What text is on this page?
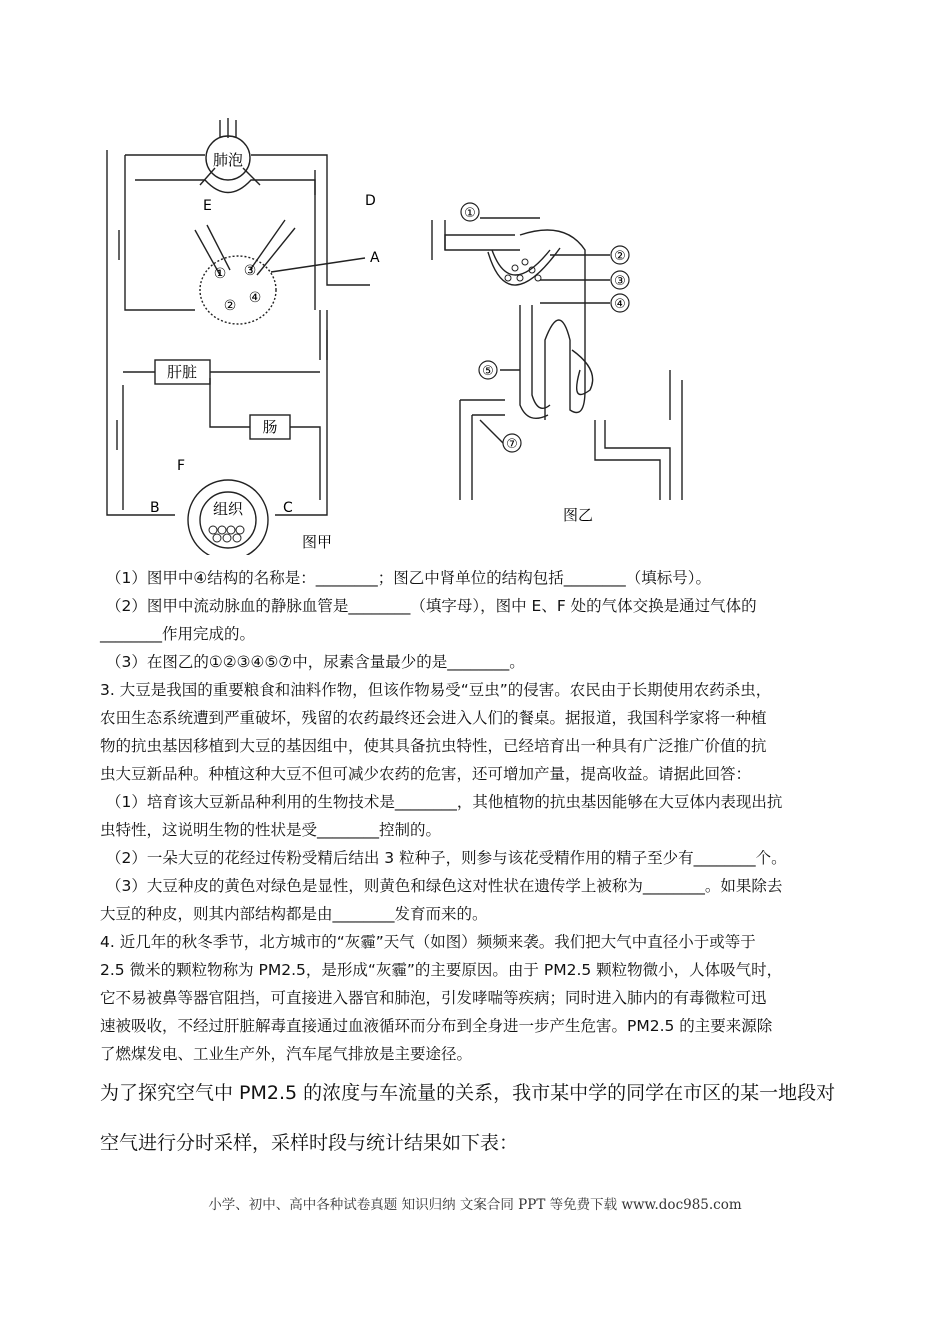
肺泡
肝脏
肠
组织
A
B	C
D
E
F
①
②
③
④
图甲
①
②
③
④
⑤
⑦
图乙
（1）图甲中④结构的名称是：________；图乙中肾单位的结构包括________（填标号）。
（2）图甲中流动脉血的静脉血管是________（填字母），图中 E、F 处的气体交换是通过气体的
________作用完成的。
（3）在图乙的①②③④⑤⑦中，尿素含量最少的是________。
3. 大豆是我国的重要粮食和油料作物，但该作物易受“豆虫”的侵害。农民由于长期使用农药杀虫，
农田生态系统遭到严重破坏，残留的农药最终还会进入人们的餐桌。据报道，我国科学家将一种植
物的抗虫基因移植到大豆的基因组中，使其具备抗虫特性，已经培育出一种具有广泛推广价值的抗
虫大豆新品种。种植这种大豆不但可减少农药的危害，还可增加产量，提高收益。请据此回答：
（1）培育该大豆新品种利用的生物技术是________，其他植物的抗虫基因能够在大豆体内表现出抗
虫特性，这说明生物的性状是受________控制的。
（2）一朵大豆的花经过传粉受精后结出 3 粒种子，则参与该花受精作用的精子至少有________个。
（3）大豆种皮的黄色对绿色是显性，则黄色和绿色这对性状在遗传学上被称为________。如果除去
大豆的种皮，则其内部结构都是由________发育而来的。
4. 近几年的秋冬季节，北方城市的“灰霾”天气（如图）频频来袭。我们把大气中直径小于或等于
2.5 微米的颗粒物称为 PM2.5，是形成“灰霾”的主要原因。由于 PM2.5 颗粒物微小，人体吸气时，
它不易被鼻等器官阻挡，可直接进入器官和肺泡，引发哮喘等疾病；同时进入肺内的有毒微粒可迅
速被吸收，不经过肝脏解毒直接通过血液循环而分布到全身进一步产生危害。PM2.5 的主要来源除
了燃煤发电、工业生产外，汽车尾气排放是主要途径。
为了探究空气中 PM2.5 的浓度与车流量的关系，我市某中学的同学在市区的某一地段对
空气进行分时采样，采样时段与统计结果如下表：
小学、初中、高中各种试卷真题 知识归纳 文案合同 PPT 等免费下载 www.doc985.com
